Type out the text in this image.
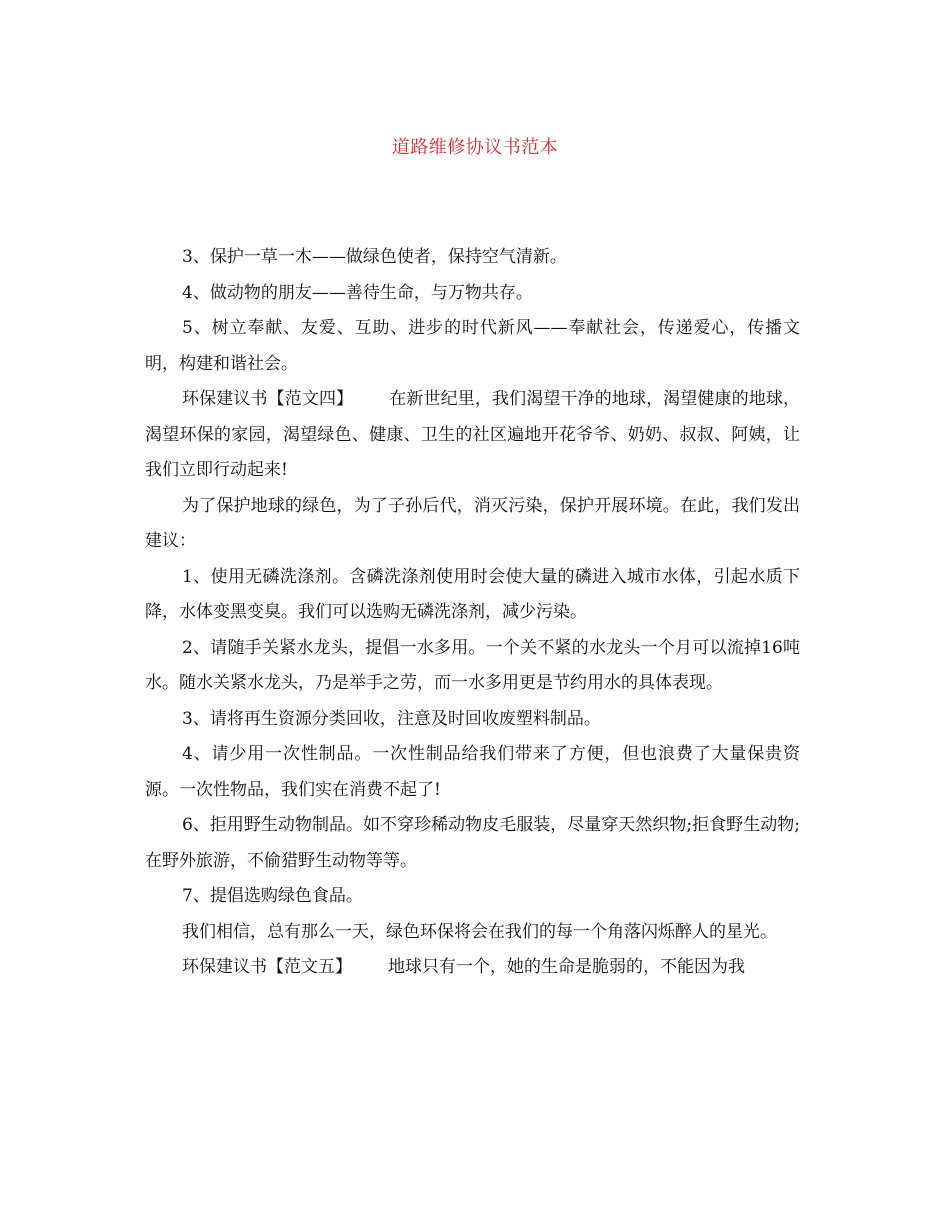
道路维修协议书范本

3、保护一草一木——做绿色使者，保持空气清新。

4、做动物的朋友——善待生命，与万物共存。

5、树立奉献、友爱、互助、进步的时代新风——奉献社会，传递爱心，传播文明，构建和谐社会。

环保建议书【范文四】 在新世纪里，我们渴望干净的地球，渴望健康的地球，渴望环保的家园，渴望绿色、健康、卫生的社区遍地开花爷爷、奶奶、叔叔、阿姨，让我们立即行动起来!

为了保护地球的绿色，为了子孙后代，消灭污染，保护开展环境。在此，我们发出建议：

1、使用无磷洗涤剂。含磷洗涤剂使用时会使大量的磷进入城市水体，引起水质下降，水体变黑变臭。我们可以选购无磷洗涤剂，减少污染。

2、请随手关紧水龙头，提倡一水多用。一个关不紧的水龙头一个月可以流掉16吨水。随水关紧水龙头，乃是举手之劳，而一水多用更是节约用水的具体表现。

3、请将再生资源分类回收，注意及时回收废塑料制品。

4、请少用一次性制品。一次性制品给我们带来了方便，但也浪费了大量保贵资源。一次性物品，我们实在消费不起了!

6、拒用野生动物制品。如不穿珍稀动物皮毛服装，尽量穿天然织物;拒食野生动物;在野外旅游，不偷猎野生动物等等。

7、提倡选购绿色食品。

我们相信，总有那么一天，绿色环保将会在我们的每一个角落闪烁醉人的星光。

环保建议书【范文五】 地球只有一个，她的生命是脆弱的，不能因为我
